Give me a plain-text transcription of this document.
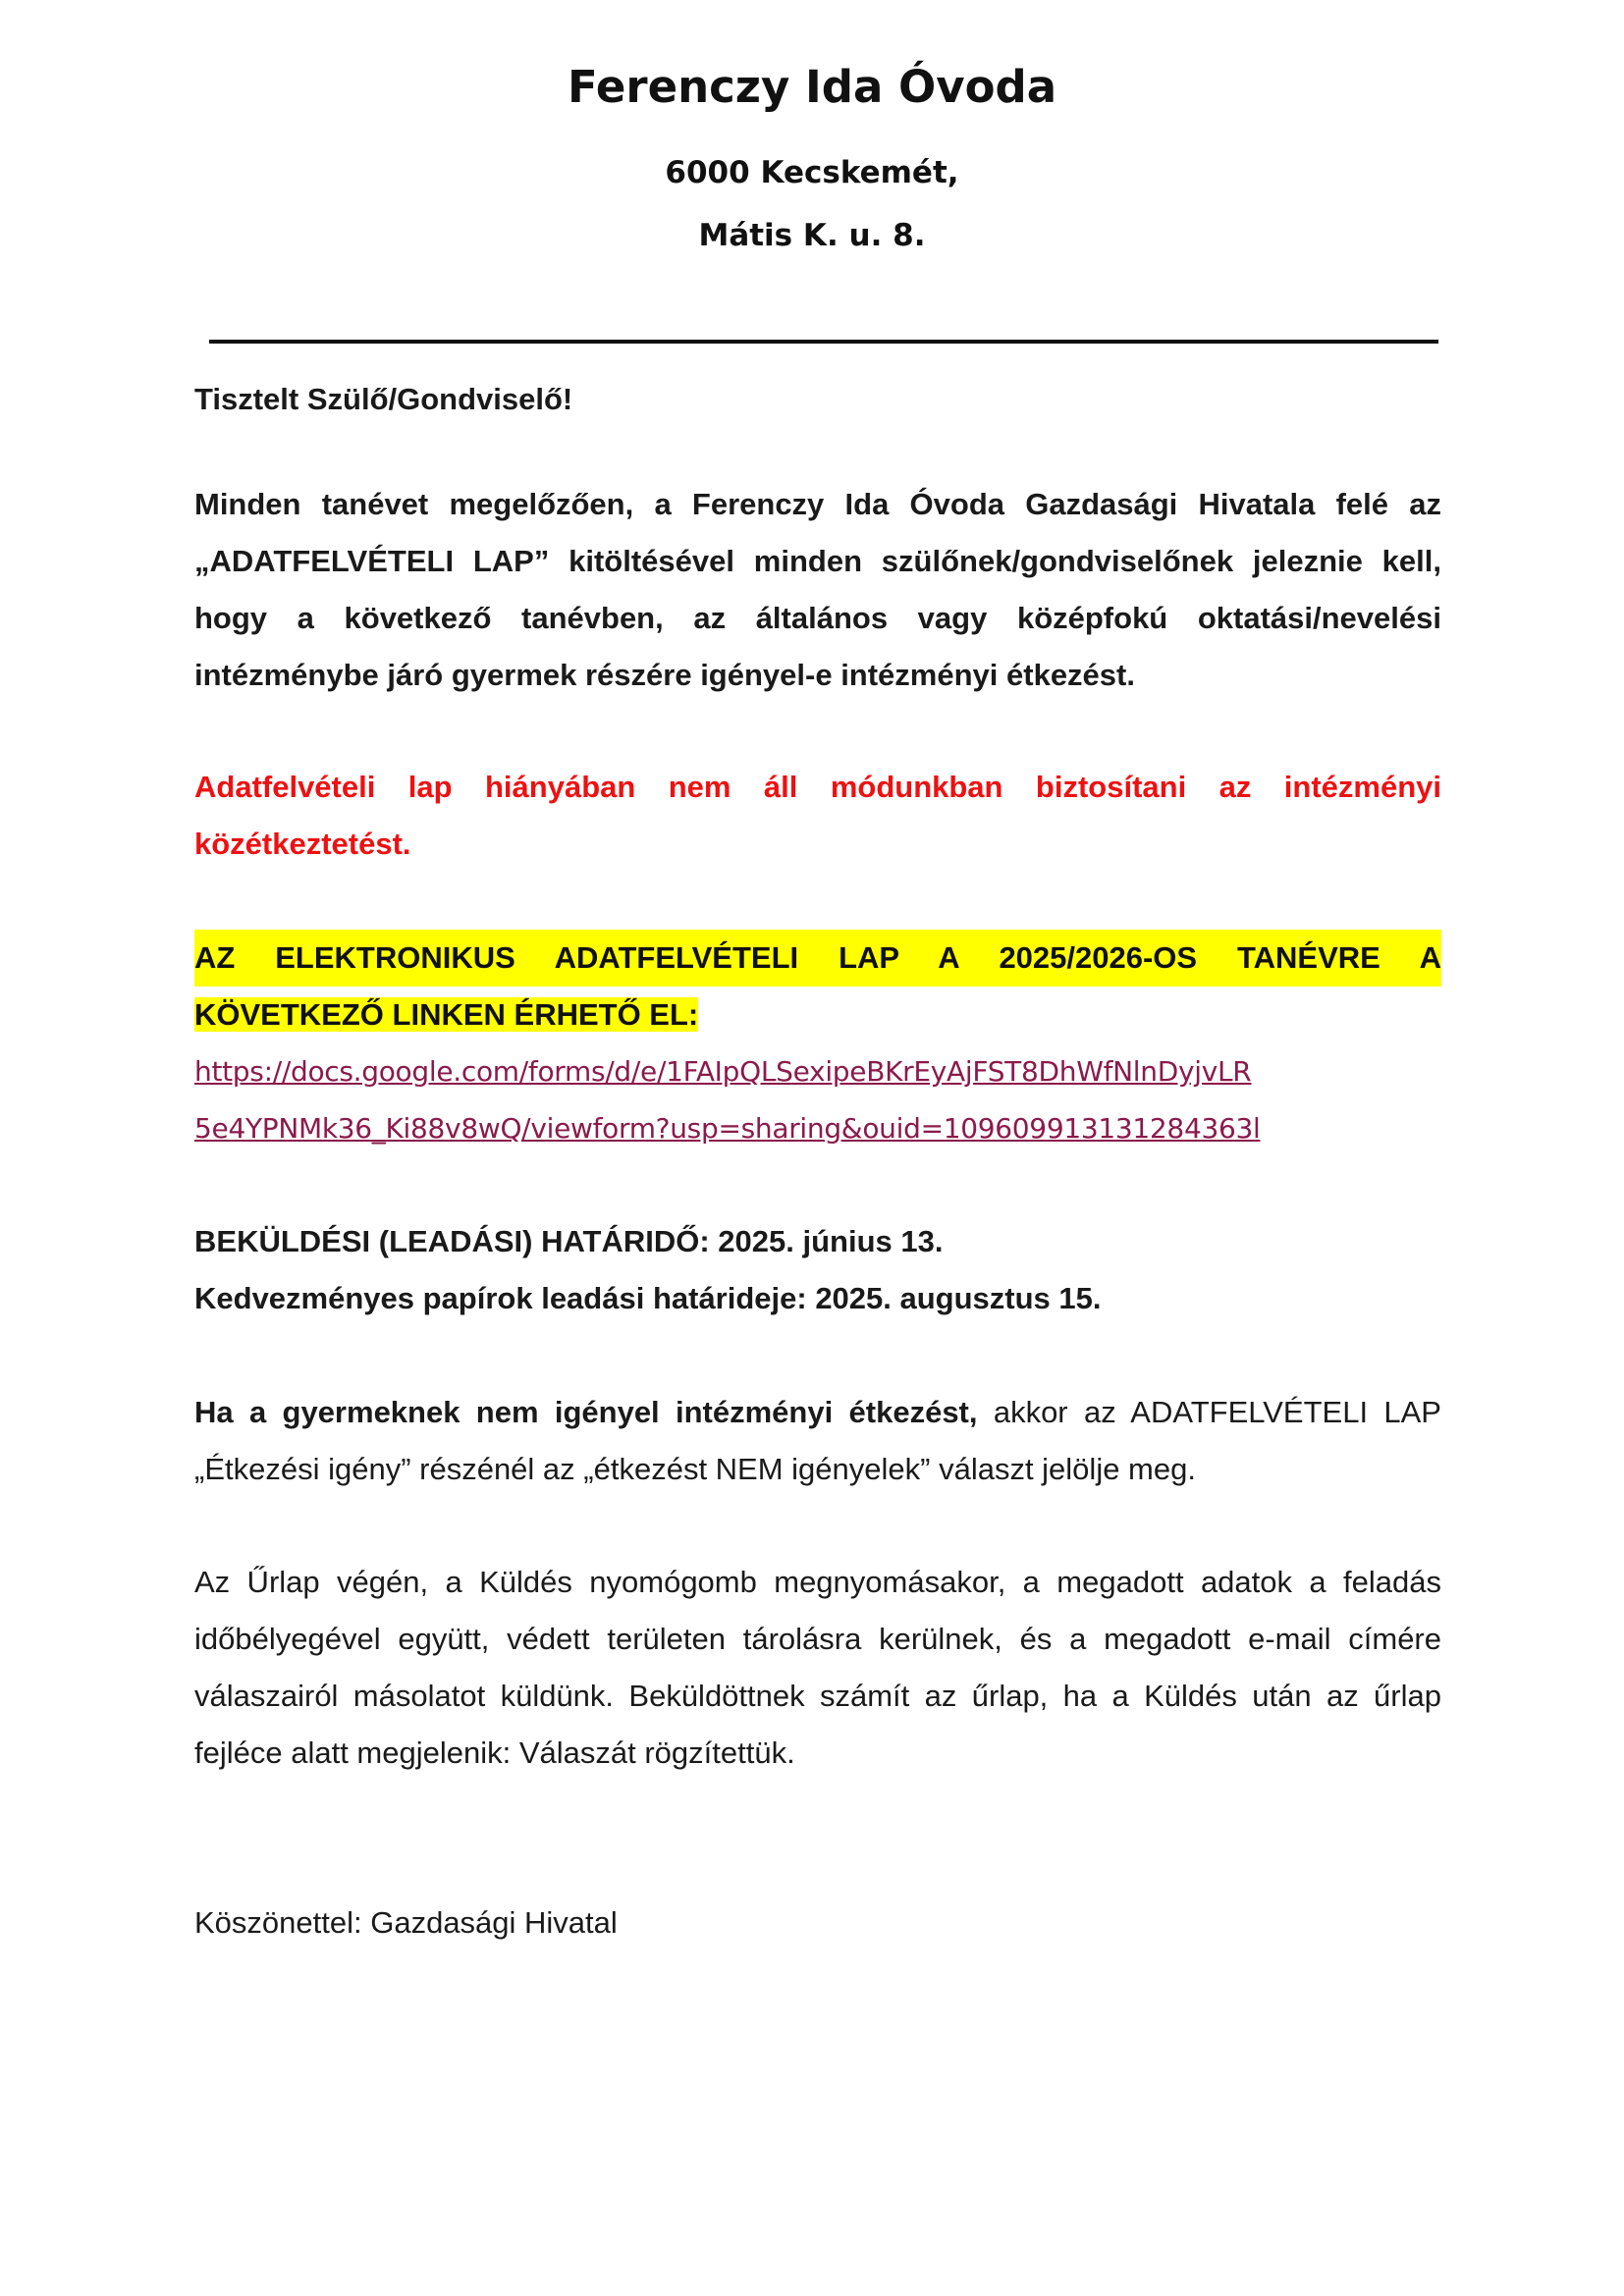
Ferenczy Ida Óvoda
6000 Kecskemét,
Mátis K. u. 8.
Tisztelt Szülő/Gondviselő!
Minden tanévet megelőzően, a Ferenczy Ida Óvoda Gazdasági Hivatala felé az „ADATFELVÉTELI LAP” kitöltésével minden szülőnek/gondviselőnek jeleznie kell, hogy a következő tanévben, az általános vagy középfokú oktatási/nevelési intézménybe járó gyermek részére igényel-e intézményi étkezést.
Adatfelvételi lap hiányában nem áll módunkban biztosítani az intézményi közétkeztetést.
AZ ELEKTRONIKUS ADATFELVÉTELI LAP A 2025/2026-OS TANÉVRE A
KÖVETKEZŐ LINKEN ÉRHETŐ EL:
https://docs.google.com/forms/d/e/1FAIpQLSexipeBKrEyAjFST8DhWfNlnDyjvLR
5e4YPNMk36_Ki88v8wQ/viewform?usp=sharing&ouid=109609913131284363l
BEKÜLDÉSI (LEADÁSI) HATÁRIDŐ: 2025. június 13.
Kedvezményes papírok leadási határideje: 2025. augusztus 15.
Ha a gyermeknek nem igényel intézményi étkezést, akkor az ADATFELVÉTELI LAP „Étkezési igény” részénél az „étkezést NEM igényelek” választ jelölje meg.
Az Űrlap végén, a Küldés nyomógomb megnyomásakor, a megadott adatok a feladás időbélyegével együtt, védett területen tárolásra kerülnek, és a megadott e-mail címére válaszairól másolatot küldünk. Beküldöttnek számít az űrlap, ha a Küldés után az űrlap fejléce alatt megjelenik: Válaszát rögzítettük.
Köszönettel: Gazdasági Hivatal
